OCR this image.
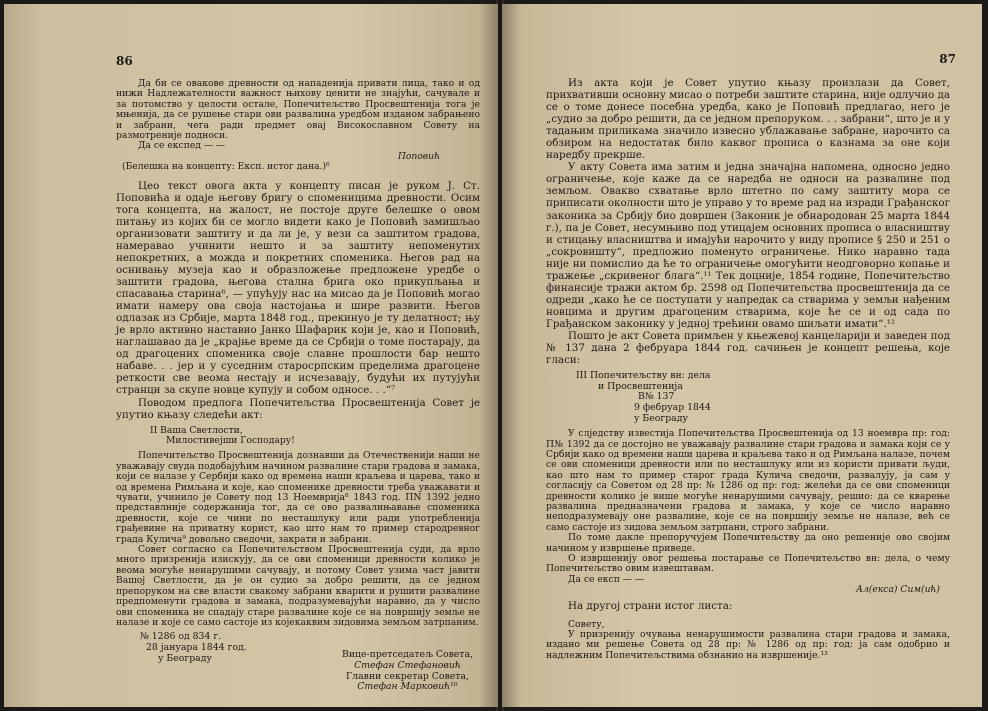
86

Да би се овакове древности од нападенија привати лица, тако и од нижи Надлежателности важност њихову ценити не знајући, сачувале и за потомство у целости остале, Попечитељство Просвештенија тога је мњенија, да се рушење стари ови развалина уредбом изданом забрањено и забрани, чега ради предмет овај Високославном Совету на размотреније подноси.

Да се експед — —

Поповић

(Белешка на концепту: Експ. истог дана.)⁶

Цео текст овога акта у концепту писан је руком Ј. Ст. Поповића и одаје његову бригу о споменицима древности. Осим тога концепта, на жалост, не постоје друге белешке о овом питању из којих би се могло видети како је Поповић замишљао организовати заштиту и да ли је, у вези са заштитом градова, намеравао учинити нешто и за заштиту непоменутих непокретних, а можда и покретних споменика. Његов рад на оснивању музеја као и образложење предложене уредбе о заштити градова, његова стална брига око прикупљања и спасавања старина⁶, — упућују нас на мисао да је Поповић могао имати намеру ова своја настојања и шире развити. Његов одлазак из Србије, марта 1848 год., прекинуо је ту делатност; њу је врло активно наставио Јанко Шафарик који је, као и Поповић, наглашавао да је „крајње време да се Србији о томе постарају, да од драгоцених споменика своје славне прошлости бар нешто набаве. . . јер и у суседним старосрпским пределима драгоцене реткости све веома нестају и исчезавају, будући их путујући странци за скупе новце купују и собом односе. . .“⁷

Поводом предлога Попечитељства Просвештенија Совет је упутио књазу следећи акт:

II Ваша Светлости,

Милостивејши Господару!

Попечитељство Просвештенија дознавши да Отечественији наши не уважавају свуда подобајућим начином развалине стари градова и замака, који се налазе у Сербији како од времена наши краљева и царева, тако и од времена Римљана и које, као споменике древности треба уважавати и чувати, учинило је Совету под 13 Ноемврија⁸ 1843 год. ПN 1392 једно представлније содержанија тог, да се ово развалињавање споменика древности, које се чини по несташлуку или ради употребленија грађевине на приватну корист, као што нам то пример стародревног града Кулича⁹ довољно сведочи, закрати и забрани.

Совет согласно са Попечитељством Просвештенија суди, да врло много призренија изискују, да се ови споменици древности колико је веома могуће ненарушими сачувају, и потому Совет узима част јавити Вашој Светлости, да је он судио за добро решити, да се једном препоруком на све власти свакому забрани кварити и рушити развалине предпоменути градова и замака, подразумевајући наравно, да у число ови споменика не спадају старе развалине које се на површију земље не налазе и које се само састоје из којекаквим зидовима земљом затрпаним.

№ 1286 од 834 г.
28 јануара 1844 год.
у Београду	Вице-претседатељ Совета,
Стефан Стефановић
Главни секретар Совета,
Стефан Марковић¹⁰
87

Из акта који је Совет упутио књазу произлази да Совет, прихвативши основну мисао о потреби заштите старина, није одлучио да се о томе донесе посебна уредба, како је Поповић предлагао, него је „судио за добро решити, да се једном препоруком. . . забрани“, што је и у тадањим приликама значило извесно ублажавање забране, нарочито са обзиром на недостатак било каквог прописа о казнама за оне који наредбу прекрше.

У акту Совета има затим и једна значајна напомена, односно једно ограничење, које каже да се наредба не односи на развалине под земљом. Овакво схватање врло штетно по саму заштиту мора се приписати околности што је управо у то време рад на изради Грађанског законика за Србију био довршен (Законик је обнародован 25 марта 1844 г.), па је Совет, несумњиво под утицајем основних прописа о власништву и стицању власништва и имајући нарочито у виду прописе § 250 и 251 о „сокровишту“, предложио поменуто ограничење. Нико наравно тада није ни помислио да ће то ограничење омогућити неодговорно копање и тражење „скривеног блага“.¹¹ Тек доцније, 1854 године, Попечитељство финансије тражи актом бр. 2598 од Попечитељства просвештенија да се одреди „како ће се поступати у напредак са стварима у земљи нађеним новцима и другим драгоценим стварима, које ће се и од сада по Грађанском законику у једној трећини овамо шиљати имати“.¹²

Пошто је акт Совета примљен у књежевој канцеларији и заведен под № 137 дана 2 фебруара 1844 год. сачињен је концепт решења, које гласи:

III Попечитељству вн: дела
и Просвештенија
В№ 137
9 фебруар 1844
у Београду

У слједству известија Попечитељства Просвештенија од 13 ноемвра пр: год: П№ 1392 да се достојно не уважавају развалине стари градова и замака који се у Србији како од времени наши царева и краљева тако и од Римљана налазе, почем се ови споменици древности или по несташлуку или из користи привати људи, као што нам то пример старог града Кулича сведочи, развалују, ја сам у согласију са Советом од 28 пр: № 1286 од пр: год: желећи да се ови споменици древности колико је више могуће ненарушими сачувају, решио: да се кварење развалина предназначени градова и замака, у које се число наравно неподразумевају оне развалине, које се на површију земље не налазе, већ се само састоје из зидова земљом затрпани, строго забрани.

По томе дакле препоручујем Попечитељству да оно решеније ово својим начином у извршење приведе.

О извршенију овог решења постарање се Попечитељство вн: дела, о чему Попечитељство овим извештавам.

Да се експ — —

Ал(екса) Сим(ић)

На другој страни истог листа:

Совету,

У призренију очувања ненарушимости развалина стари градова и замака, издано ми решење Совета од 28 пр: № 1286 од пр: год: ја сам одобрио и надлежним Попечитељствима обзнанио на извршеније.¹³
